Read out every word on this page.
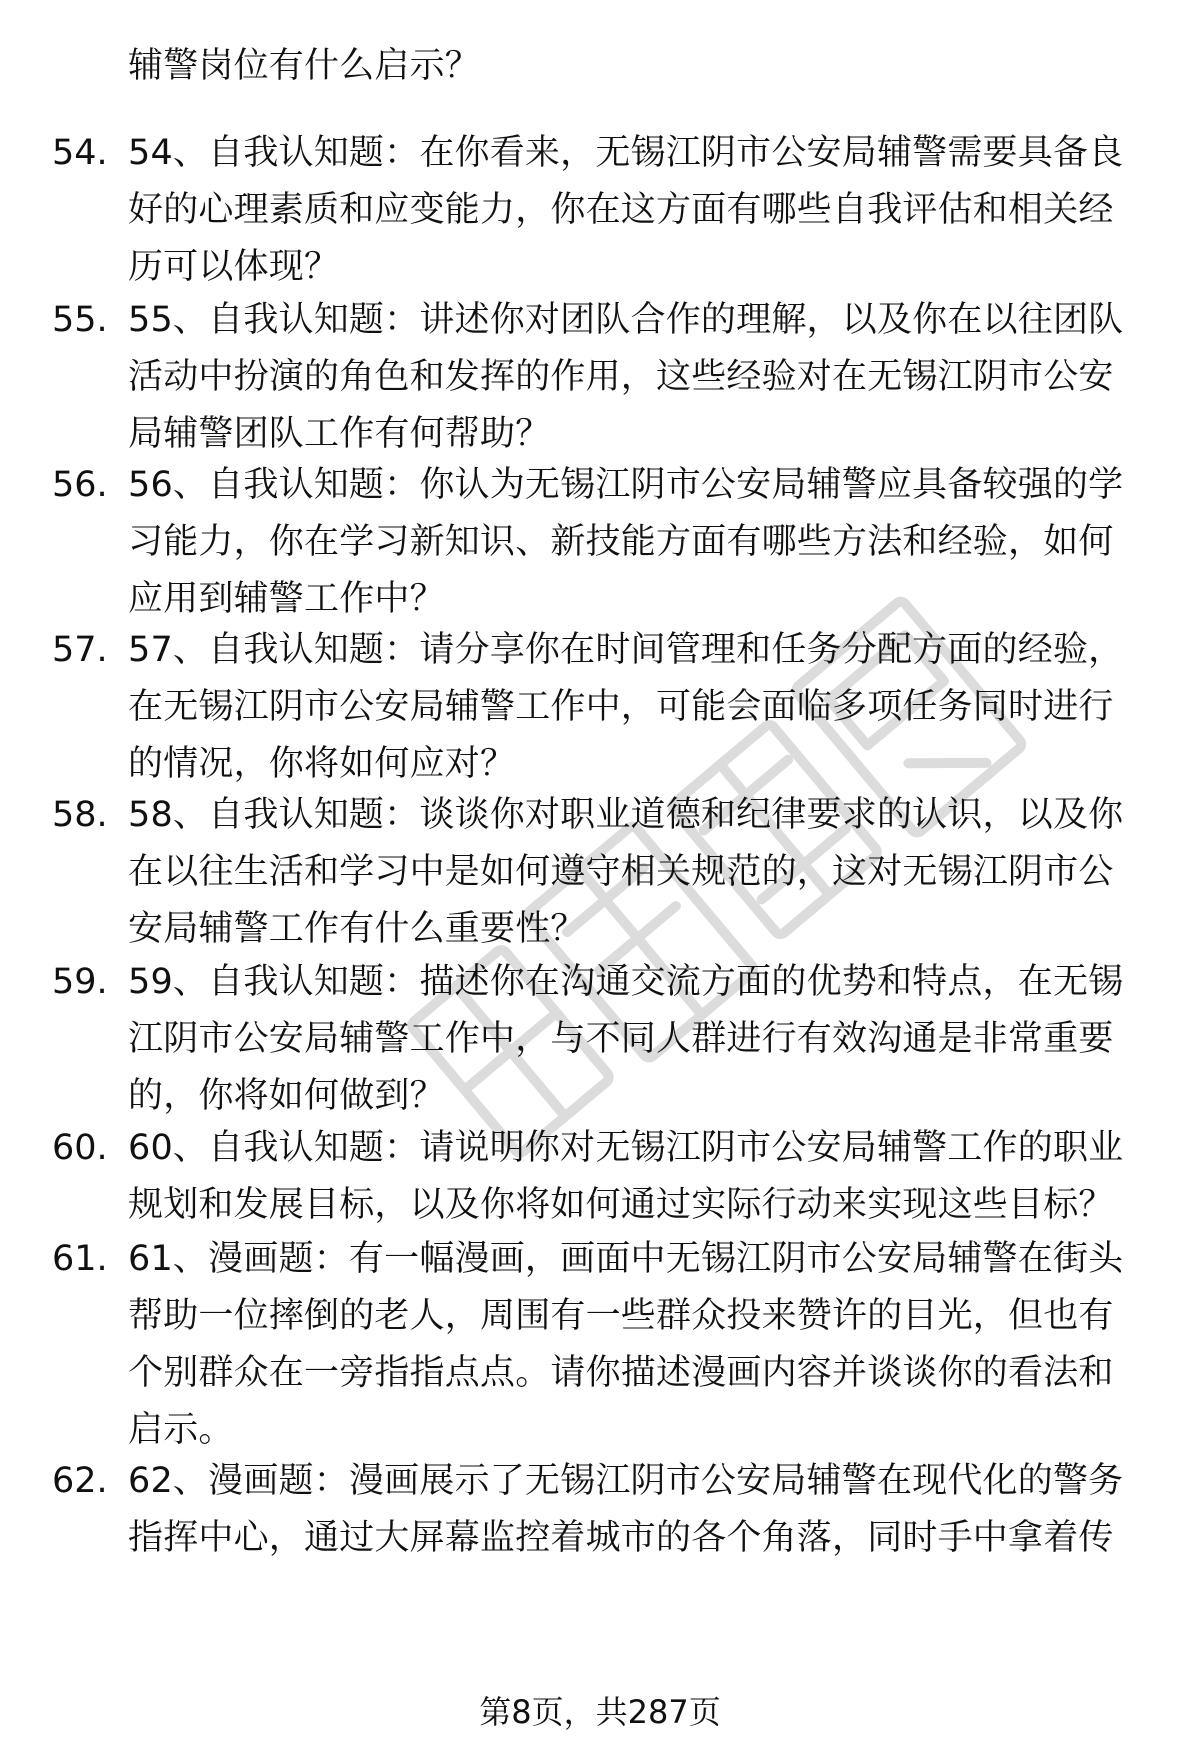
辅警岗位有什么启示？
54. 54、自我认知题：在你看来，无锡江阴市公安局辅警需要具备良好的心理素质和应变能力，你在这方面有哪些自我评估和相关经历可以体现？
55. 55、自我认知题：讲述你对团队合作的理解，以及你在以往团队活动中扮演的角色和发挥的作用，这些经验对在无锡江阴市公安局辅警团队工作有何帮助？
56. 56、自我认知题：你认为无锡江阴市公安局辅警应具备较强的学习能力，你在学习新知识、新技能方面有哪些方法和经验，如何应用到辅警工作中？
57. 57、自我认知题：请分享你在时间管理和任务分配方面的经验，在无锡江阴市公安局辅警工作中，可能会面临多项任务同时进行的情况，你将如何应对？
58. 58、自我认知题：谈谈你对职业道德和纪律要求的认识，以及你在以往生活和学习中是如何遵守相关规范的，这对无锡江阴市公安局辅警工作有什么重要性？
59. 59、自我认知题：描述你在沟通交流方面的优势和特点，在无锡江阴市公安局辅警工作中，与不同人群进行有效沟通是非常重要的，你将如何做到？
60. 60、自我认知题：请说明你对无锡江阴市公安局辅警工作的职业规划和发展目标，以及你将如何通过实际行动来实现这些目标？
61. 61、漫画题：有一幅漫画，画面中无锡江阴市公安局辅警在街头帮助一位摔倒的老人，周围有一些群众投来赞许的目光，但也有个别群众在一旁指指点点。请你描述漫画内容并谈谈你的看法和启示。
62. 62、漫画题：漫画展示了无锡江阴市公安局辅警在现代化的警务指挥中心，通过大屏幕监控着城市的各个角落，同时手中拿着传
第8页，共287页
